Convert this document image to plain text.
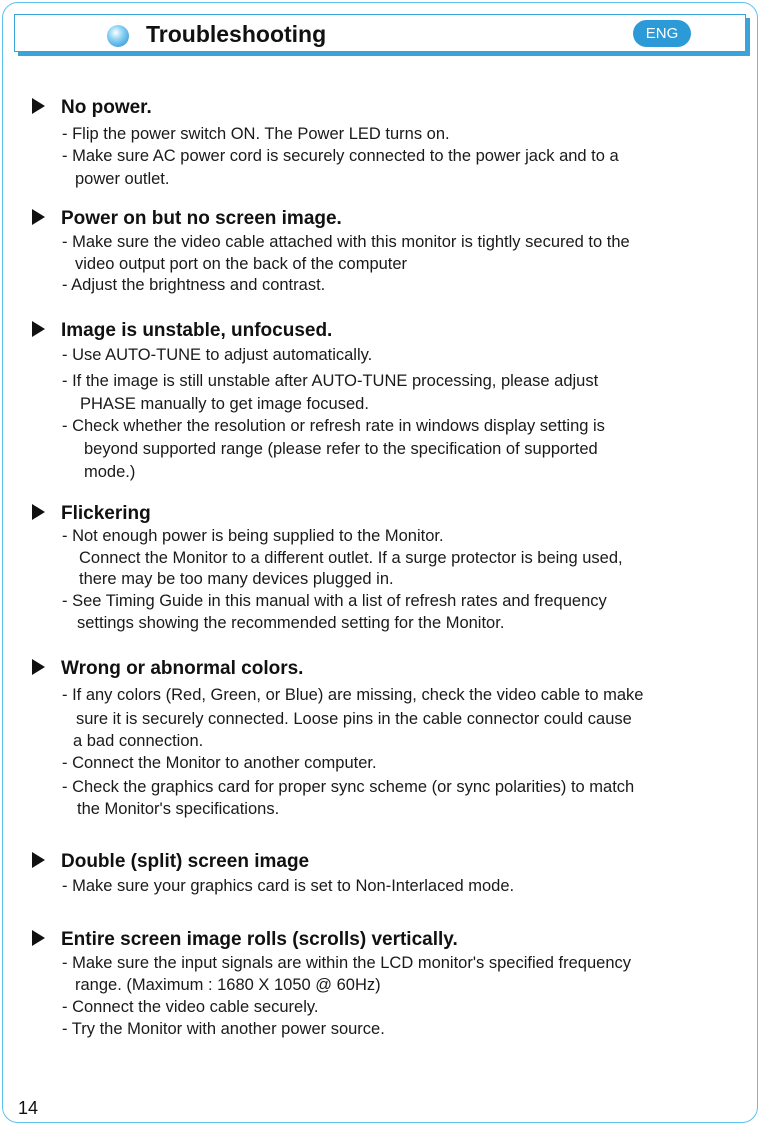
Troubleshooting	ENG
No power.
- Flip the power switch ON. The Power LED turns on.
- Make sure AC power cord is securely connected to the power jack and to a
power outlet.
Power on but no screen image.
- Make sure the video cable attached with this monitor is tightly secured to the
video output port on the back of the computer
- Adjust the brightness and contrast.
Image is unstable, unfocused.
- Use AUTO-TUNE to adjust automatically.
- If the image is still unstable after AUTO-TUNE processing, please adjust
PHASE manually to get image focused.
- Check whether the resolution or refresh rate in windows display setting is
beyond supported range (please refer to the specification of supported
mode.)
Flickering
- Not enough power is being supplied to the Monitor.
Connect the Monitor to a different outlet. If a surge protector is being used,
there may be too many devices plugged in.
- See Timing Guide in this manual with a list of refresh rates and frequency
settings showing the recommended setting for the Monitor.
Wrong or abnormal colors.
- If any colors (Red, Green, or Blue) are missing, check the video cable to make
sure it is securely connected. Loose pins in the cable connector could cause
a bad connection.
- Connect the Monitor to another computer.
- Check the graphics card for proper sync scheme (or sync polarities) to match
the Monitor's specifications.
Double (split) screen image
- Make sure your graphics card is set to Non-Interlaced mode.
Entire screen image rolls (scrolls) vertically.
- Make sure the input signals are within the LCD monitor's specified frequency
range. (Maximum : 1680 X 1050 @ 60Hz)
- Connect the video cable securely.
- Try the Monitor with another power source.
14
